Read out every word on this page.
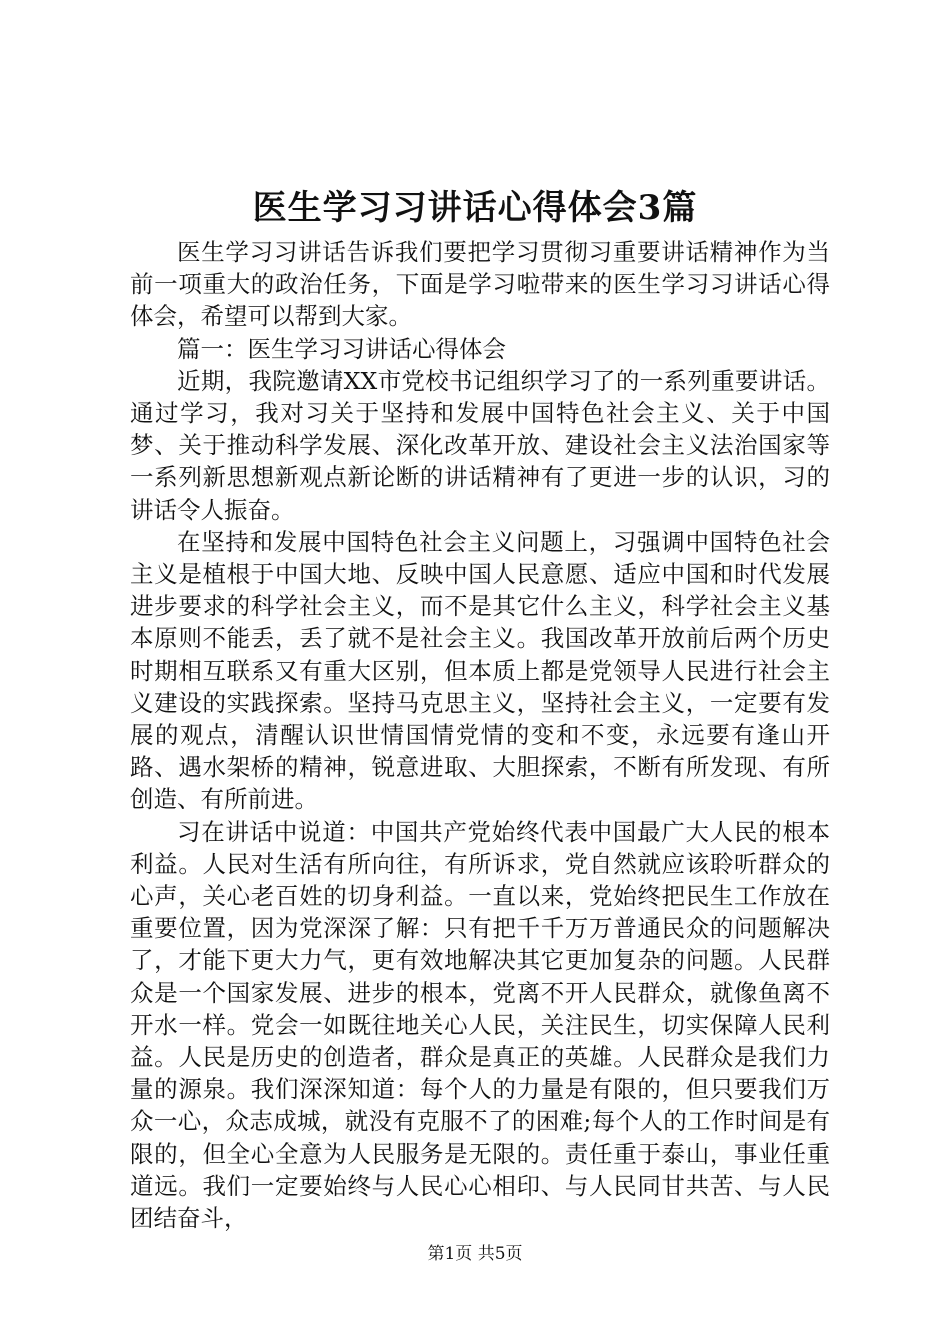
医生学习习讲话心得体会3篇

医生学习习讲话告诉我们要把学习贯彻习重要讲话精神作为当前一项重大的政治任务，下面是学习啦带来的医生学习习讲话心得体会，希望可以帮到大家。

篇一：医生学习习讲话心得体会

近期，我院邀请XX市党校书记组织学习了的一系列重要讲话。通过学习，我对习关于坚持和发展中国特色社会主义、关于中国梦、关于推动科学发展、深化改革开放、建设社会主义法治国家等一系列新思想新观点新论断的讲话精神有了更进一步的认识，习的讲话令人振奋。

在坚持和发展中国特色社会主义问题上，习强调中国特色社会主义是植根于中国大地、反映中国人民意愿、适应中国和时代发展进步要求的科学社会主义，而不是其它什么主义，科学社会主义基本原则不能丢，丢了就不是社会主义。我国改革开放前后两个历史时期相互联系又有重大区别，但本质上都是党领导人民进行社会主义建设的实践探索。坚持马克思主义，坚持社会主义，一定要有发展的观点，清醒认识世情国情党情的变和不变，永远要有逢山开路、遇水架桥的精神，锐意进取、大胆探索，不断有所发现、有所创造、有所前进。

习在讲话中说道：中国共产党始终代表中国最广大人民的根本利益。人民对生活有所向往，有所诉求，党自然就应该聆听群众的心声，关心老百姓的切身利益。一直以来，党始终把民生工作放在重要位置，因为党深深了解：只有把千千万万普通民众的问题解决了，才能下更大力气，更有效地解决其它更加复杂的问题。人民群众是一个国家发展、进步的根本，党离不开人民群众，就像鱼离不开水一样。党会一如既往地关心人民，关注民生，切实保障人民利益。人民是历史的创造者，群众是真正的英雄。人民群众是我们力量的源泉。我们深深知道：每个人的力量是有限的，但只要我们万众一心，众志成城，就没有克服不了的困难;每个人的工作时间是有限的，但全心全意为人民服务是无限的。责任重于泰山，事业任重道远。我们一定要始终与人民心心相印、与人民同甘共苦、与人民团结奋斗，

第1页 共5页
